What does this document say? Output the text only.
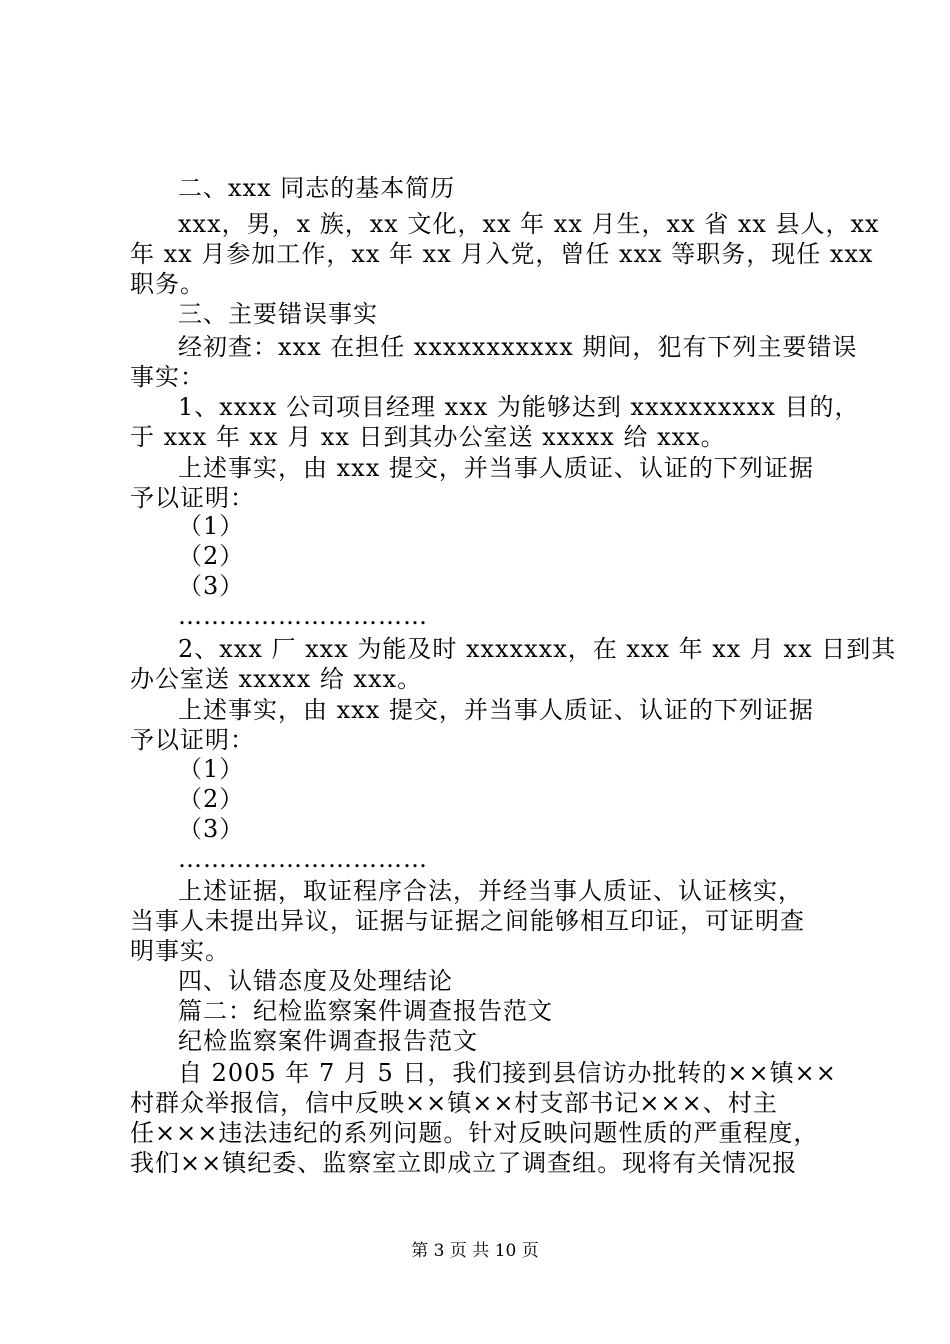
二、xxx 同志的基本简历
xxx，男，x 族，xx 文化，xx 年 xx 月生，xx 省 xx 县人，xx
年 xx 月参加工作，xx 年 xx 月入党，曾任 xxx 等职务，现任 xxx
职务。
三、主要错误事实
经初查：xxx 在担任 xxxxxxxxxxx 期间，犯有下列主要错误
事实：
1、xxxx 公司项目经理 xxx 为能够达到 xxxxxxxxxx 目的，
于 xxx 年 xx 月 xx 日到其办公室送 xxxxx 给 xxx。
上述事实，由 xxx 提交，并当事人质证、认证的下列证据
予以证明：
（1）
（2）
（3）
…………………………
2、xxx 厂 xxx 为能及时 xxxxxxx，在 xxx 年 xx 月 xx 日到其
办公室送 xxxxx 给 xxx。
上述事实，由 xxx 提交，并当事人质证、认证的下列证据
予以证明：
（1）
（2）
（3）
…………………………
上述证据，取证程序合法，并经当事人质证、认证核实，
当事人未提出异议，证据与证据之间能够相互印证，可证明查
明事实。
四、认错态度及处理结论
篇二：纪检监察案件调查报告范文
纪检监察案件调查报告范文
自 2005 年 7 月 5 日，我们接到县信访办批转的××镇××
村群众举报信，信中反映××镇××村支部书记×××、村主
任×××违法违纪的系列问题。针对反映问题性质的严重程度，
我们××镇纪委、监察室立即成立了调查组。现将有关情况报
第 3 页 共 10 页
